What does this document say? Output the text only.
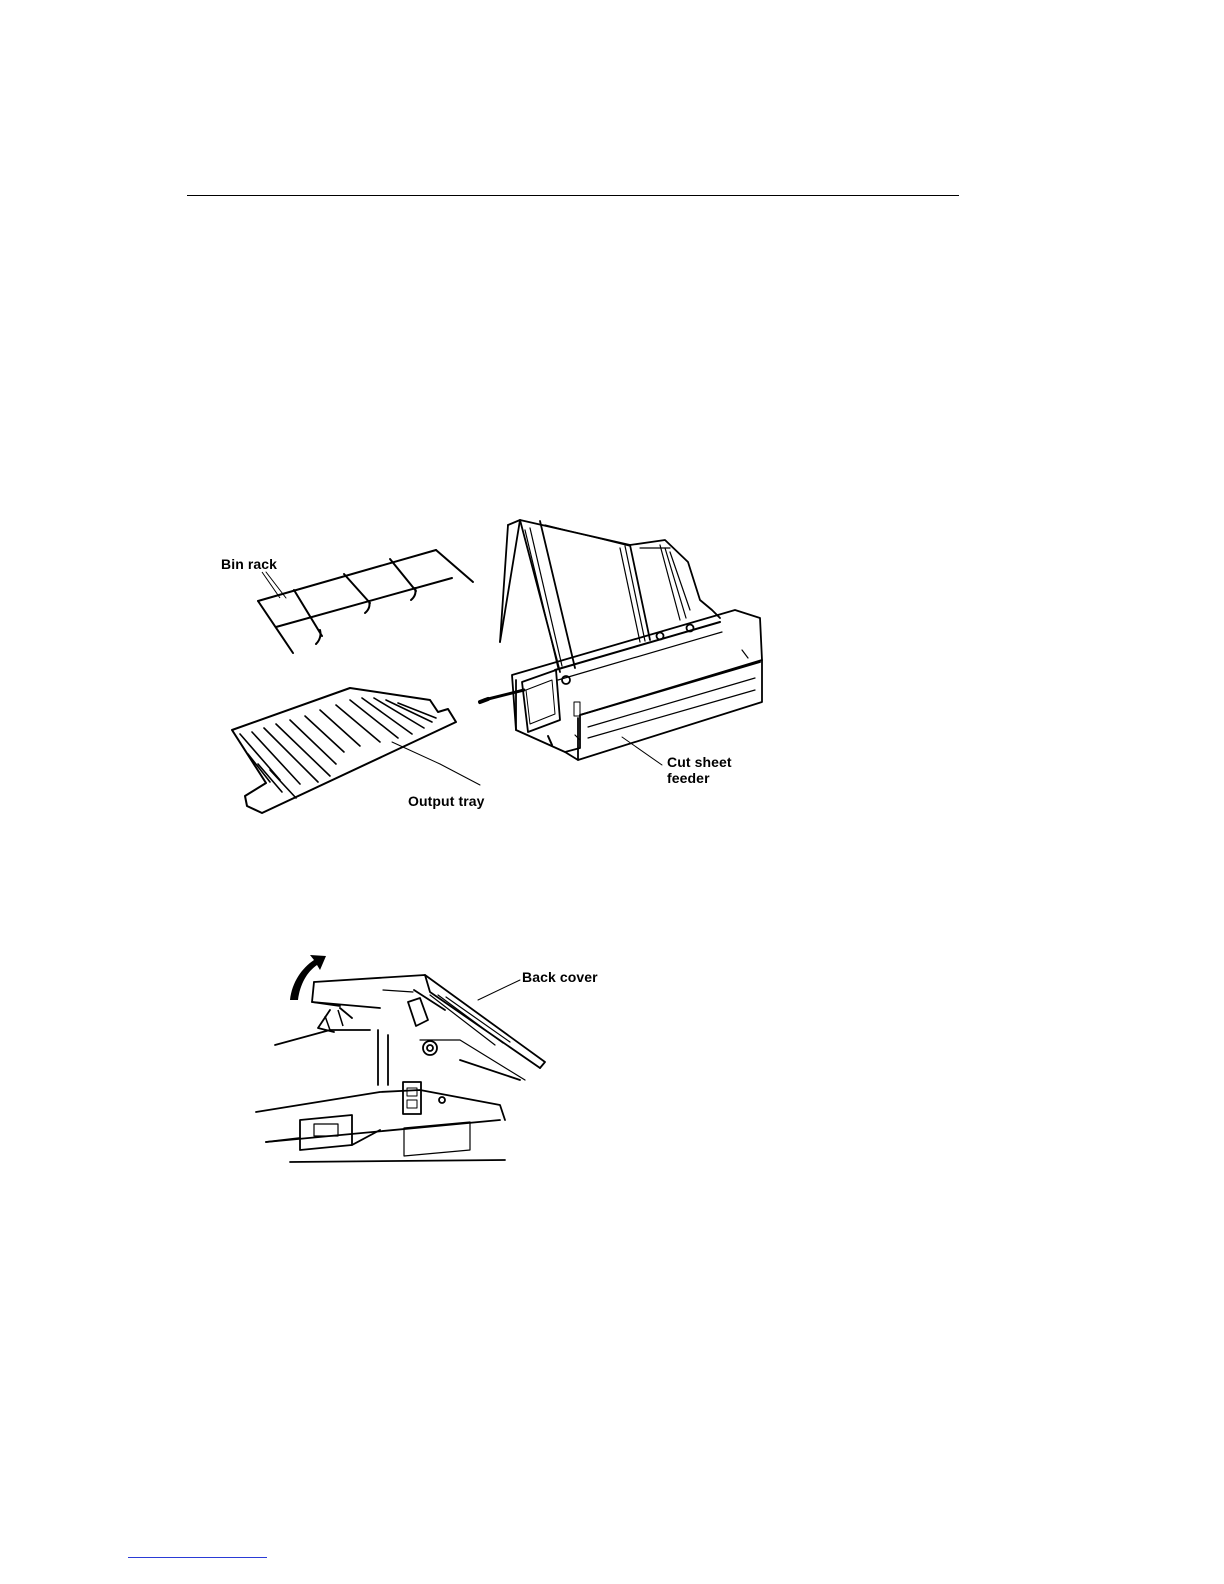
Bin rack
Output tray
Cut sheet
feeder
Back cover
